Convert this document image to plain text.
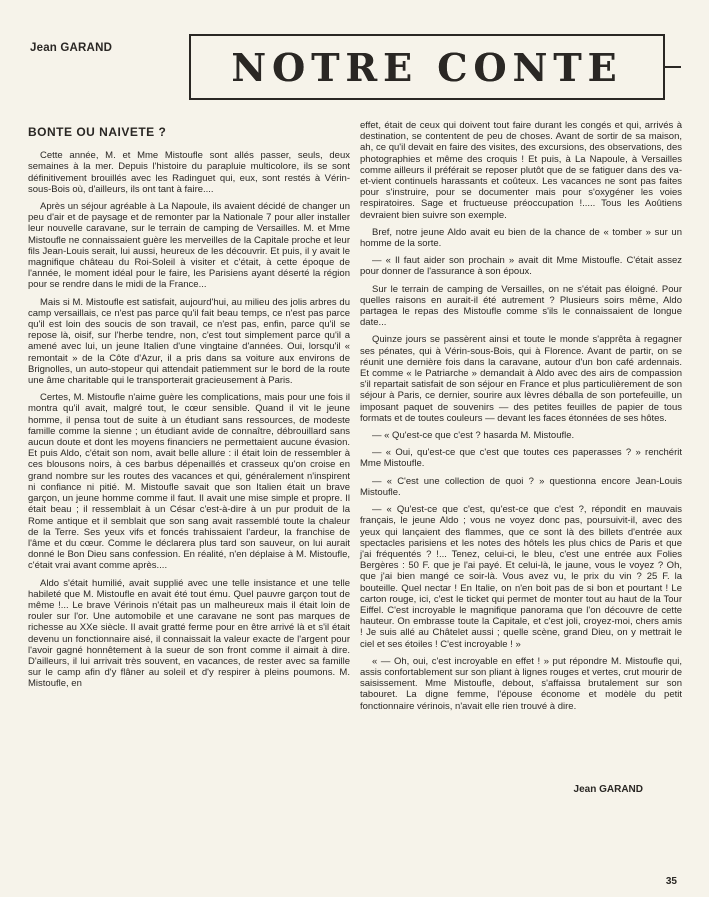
Jean GARAND	NOTRE CONTE
BONTE OU NAIVETE ?

Cette année, M. et Mme Mistoufle sont allés passer, seuls, deux semaines à la mer. Depuis l'histoire du parapluie multicolore, ils se sont définitivement brouillés avec les Radinguet qui, eux, sont restés à Vérin-sous-Bois où, d'ailleurs, ils ont tant à faire....

Après un séjour agréable à La Napoule, ils avaient décidé de changer un peu d'air et de paysage et de remonter par la Nationale 7 pour aller installer leur nouvelle caravane, sur le terrain de camping de Versailles. M. et Mme Mistoufle ne connaissaient guère les merveilles de la Capitale proche et leur fils Jean-Louis serait, lui aussi, heureux de les découvrir. Et puis, il y avait le magnifique château du Roi-Soleil à visiter et c'était, à cette époque de l'année, le moment idéal pour le faire, les Parisiens ayant déserté la région pour se rendre dans le midi de la France...

Mais si M. Mistoufle est satisfait, aujourd'hui, au milieu des jolis arbres du camp versaillais, ce n'est pas parce qu'il fait beau temps, ce n'est pas parce qu'il est loin des soucis de son travail, ce n'est pas, enfin, parce qu'il se repose là, oisif, sur l'herbe tendre, non, c'est tout simplement parce qu'il a amené avec lui, un jeune Italien d'une vingtaine d'années. Oui, lorsqu'il « remontait » de la Côte d'Azur, il a pris dans sa voiture aux environs de Brignolles, un auto-stopeur qui attendait patiemment sur le bord de la route une âme charitable qui le transporterait gracieusement à Paris.

Certes, M. Mistoufle n'aime guère les complications, mais pour une fois il montra qu'il avait, malgré tout, le cœur sensible. Quand il vit le jeune homme, il pensa tout de suite à un étudiant sans ressources, de modeste famille comme la sienne ; un étudiant avide de connaître, débrouillard sans aucun doute et dont les moyens financiers ne permettaient aucune évasion. Et puis Aldo, c'était son nom, avait belle allure : il était loin de ressembler à ces blousons noirs, à ces barbus dépenaillés et crasseux qu'on croise en grand nombre sur les routes des vacances et qui, généralement n'inspirent ni confiance ni pitié. M. Mistoufle savait que son Italien était un brave garçon, un jeune homme comme il faut. Il avait une mise simple et propre. Il était beau ; il ressemblait à un César c'est-à-dire à un pur produit de la Rome antique et il semblait que son sang avait rassemblé toute la chaleur de la Terre. Ses yeux vifs et foncés trahissaient l'ardeur, la franchise de l'âme et du cœur. Comme le déclarera plus tard son sauveur, on lui aurait donné le Bon Dieu sans confession. En réalité, n'en déplaise à M. Mistoufle, c'était vrai avant comme après....

Aldo s'était humilié, avait supplié avec une telle insistance et une telle habileté que M. Mistoufle en avait été tout ému. Quel pauvre garçon tout de même !... Le brave Vérinois n'était pas un malheureux mais il était loin de rouler sur l'or. Une automobile et une caravane ne sont pas marques de richesse au XXe siècle. Il avait gratté ferme pour en être arrivé là et s'il était devenu un fonctionnaire aisé, il connaissait la valeur exacte de l'argent pour l'avoir gagné honnêtement à la sueur de son front comme il aimait à dire. D'ailleurs, il lui arrivait très souvent, en vacances, de rester avec sa famille sur le camp afin d'y flâner au soleil et d'y respirer à pleins poumons. M. Mistoufle, en

effet, était de ceux qui doivent tout faire durant les congés et qui, arrivés à destination, se contentent de peu de choses. Avant de sortir de sa maison, ah, ce qu'il devait en faire des visites, des excursions, des observations, des photographies et même des croquis ! Et puis, à La Napoule, à Versailles comme ailleurs il préférait se reposer plutôt que de se fatiguer dans des va-et-vient continuels harassants et coûteux. Les vacances ne sont pas faites pour s'instruire, pour se documenter mais pour s'oxygéner les voies respiratoires. Sage et fructueuse préoccupation !..... Tous les Aoûtiens devraient bien suivre son exemple.

Bref, notre jeune Aldo avait eu bien de la chance de « tomber » sur un homme de la sorte.

— « Il faut aider son prochain » avait dit Mme Mistoufle. C'était assez pour donner de l'assurance à son époux.

Sur le terrain de camping de Versailles, on ne s'était pas éloigné. Pour quelles raisons en aurait-il été autrement ? Plusieurs soirs même, Aldo partagea le repas des Mistoufle comme s'ils le connaissaient de longue date...

Quinze jours se passèrent ainsi et toute le monde s'apprêta à regagner ses pénates, qui à Vérin-sous-Bois, qui à Florence. Avant de partir, on se réunit une dernière fois dans la caravane, autour d'un bon café ardennais. Et comme « le Patriarche » demandait à Aldo avec des airs de compassion s'il repartait satisfait de son séjour en France et plus particulièrement de son séjour à Paris, ce dernier, sourire aux lèvres déballa de son portefeuille, un imposant paquet de souvenirs — des petites feuilles de papier de tous formats et de toutes couleurs — devant les faces étonnées de ses hôtes.

— « Qu'est-ce que c'est ? hasarda M. Mistoufle.

— « Oui, qu'est-ce que c'est que toutes ces paperasses ? » renchérit Mme Mistoufle.

— « C'est une collection de quoi ? » questionna encore Jean-Louis Mistoufle.

— « Qu'est-ce que c'est, qu'est-ce que c'est ?, répondit en mauvais français, le jeune Aldo ; vous ne voyez donc pas, poursuivit-il, avec des yeux qui lançaient des flammes, que ce sont là des billets d'entrée aux spectacles parisiens et les notes des hôtels les plus chics de Paris et que j'ai fréquentés ? !... Tenez, celui-ci, le bleu, c'est une entrée aux Folies Bergères : 50 F. que je l'ai payé. Et celui-là, le jaune, vous le voyez ? Oh, que j'ai bien mangé ce soir-là. Vous avez vu, le prix du vin ? 25 F. la bouteille. Quel nectar ! En Italie, on n'en boit pas de si bon et pourtant ! Le carton rouge, ici, c'est le ticket qui permet de monter tout au haut de la Tour Eiffel. C'est incroyable le magnifique panorama que l'on découvre de cette hauteur. On embrasse toute la Capitale, et c'est joli, croyez-moi, chers amis ! Je suis allé au Châtelet aussi ; quelle scène, grand Dieu, on y mettrait le ciel et ses étoiles ! C'est incroyable ! »

« — Oh, oui, c'est incroyable en effet ! » put répondre M. Mistoufle qui, assis confortablement sur son pliant à lignes rouges et vertes, crut mourir de saisissement. Mme Mistoufle, debout, s'affaissa brutalement sur son tabouret. La digne femme, l'épouse économe et modèle du petit fonctionnaire vérinois, n'avait elle rien trouvé à dire.

Jean GARAND
35
